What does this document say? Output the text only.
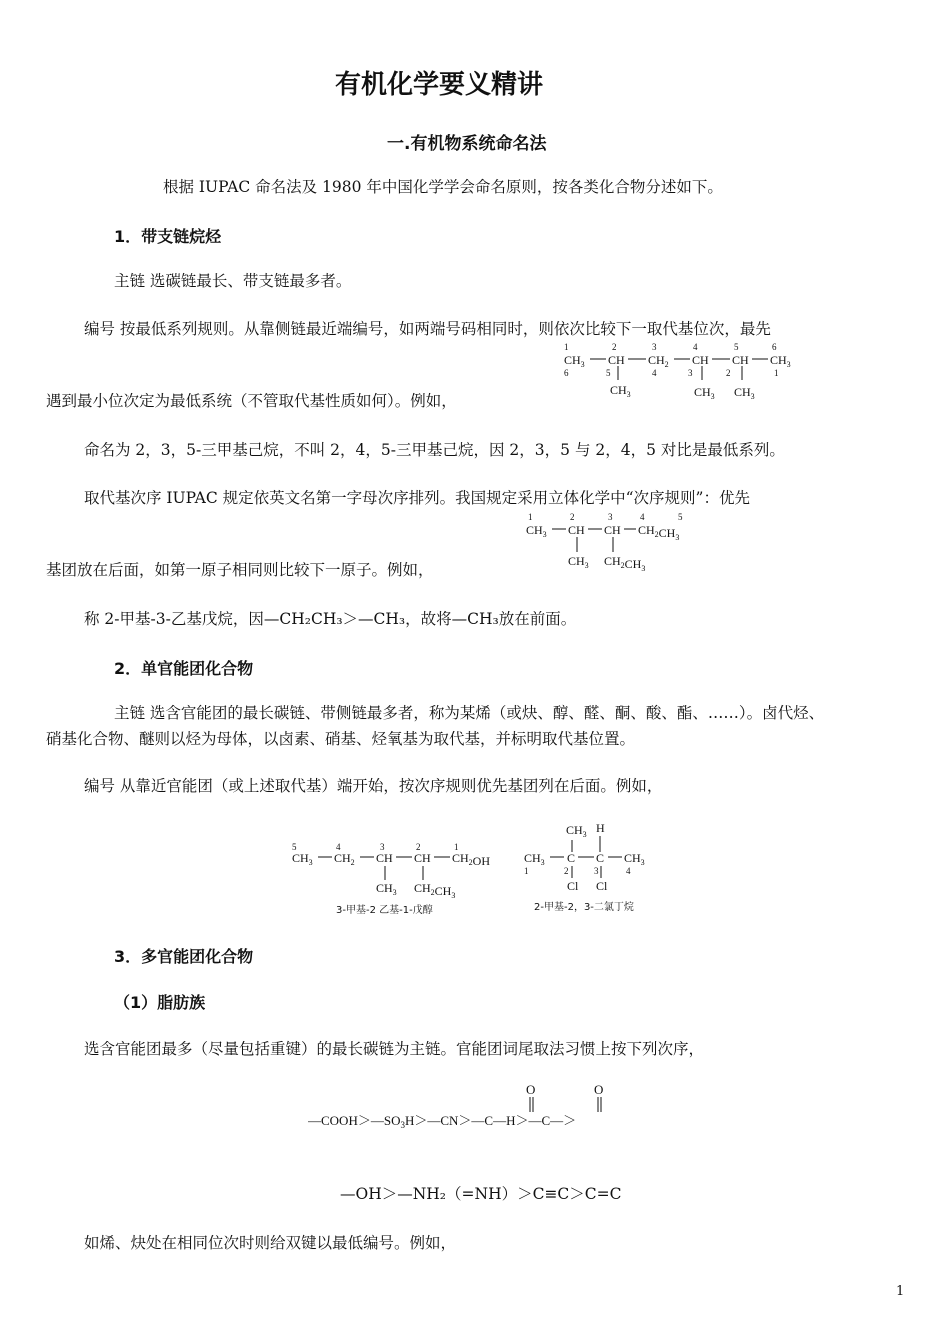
有机化学要义精讲
一.有机物系统命名法
根据 IUPAC 命名法及 1980 年中国化学学会命名原则，按各类化合物分述如下。
1．带支链烷烃
主链 选碳链最长、带支链最多者。
编号 按最低系列规则。从靠侧链最近端编号，如两端号码相同时，则依次比较下一取代基位次，最先
遇到最小位次定为最低系统（不管取代基性质如何）。例如，
1	2	3	4	5	6
$CH_3$ CH $CH_2$ CH CH $CH_3$
6	5	4	3	2	1
$CH_3$	$CH_3$ $CH_3$
命名为 2，3，5-三甲基己烷，不叫 2，4，5-三甲基己烷，因 2，3，5 与 2，4，5 对比是最低系列。
取代基次序 IUPAC 规定依英文名第一字母次序排列。我国规定采用立体化学中“次序规则”：优先
基团放在后面，如第一原子相同则比较下一原子。例如，
1	2	3	4	5
$CH_3$ CH CH $CH_2CH_3$
$CH_3$ $CH_2CH_3$
称 2-甲基-3-乙基戊烷，因—CH₂CH₃＞—CH₃，故将—CH₃放在前面。
2．单官能团化合物
主链 选含官能团的最长碳链、带侧链最多者，称为某烯（或炔、醇、醛、酮、酸、酯、……）。卤代烃、
硝基化合物、醚则以烃为母体，以卤素、硝基、烃氧基为取代基，并标明取代基位置。
编号 从靠近官能团（或上述取代基）端开始，按次序规则优先基团列在后面。例如，
5	4	3	2	1
$CH_3$ $CH_2$ CH CH $CH_2OH$
$CH_3$ $CH_2CH_3$
3-甲基-2 乙基-1-戊醇
$CH_3$ H
$CH_3$ C C $CH_3$
1	2	3	4
Cl Cl
2-甲基-2，3-二氯丁烷
3．多官能团化合物
（1）脂肪族
选含官能团最多（尽量包括重键）的最长碳链为主链。官能团词尾取法习惯上按下列次序，
$—COOH>—SO_3H>—CN>—C—H>—C—>$
O	O
—OH＞—NH₂（=NH）＞C≡C＞C=C
如烯、炔处在相同位次时则给双键以最低编号。例如，
1
